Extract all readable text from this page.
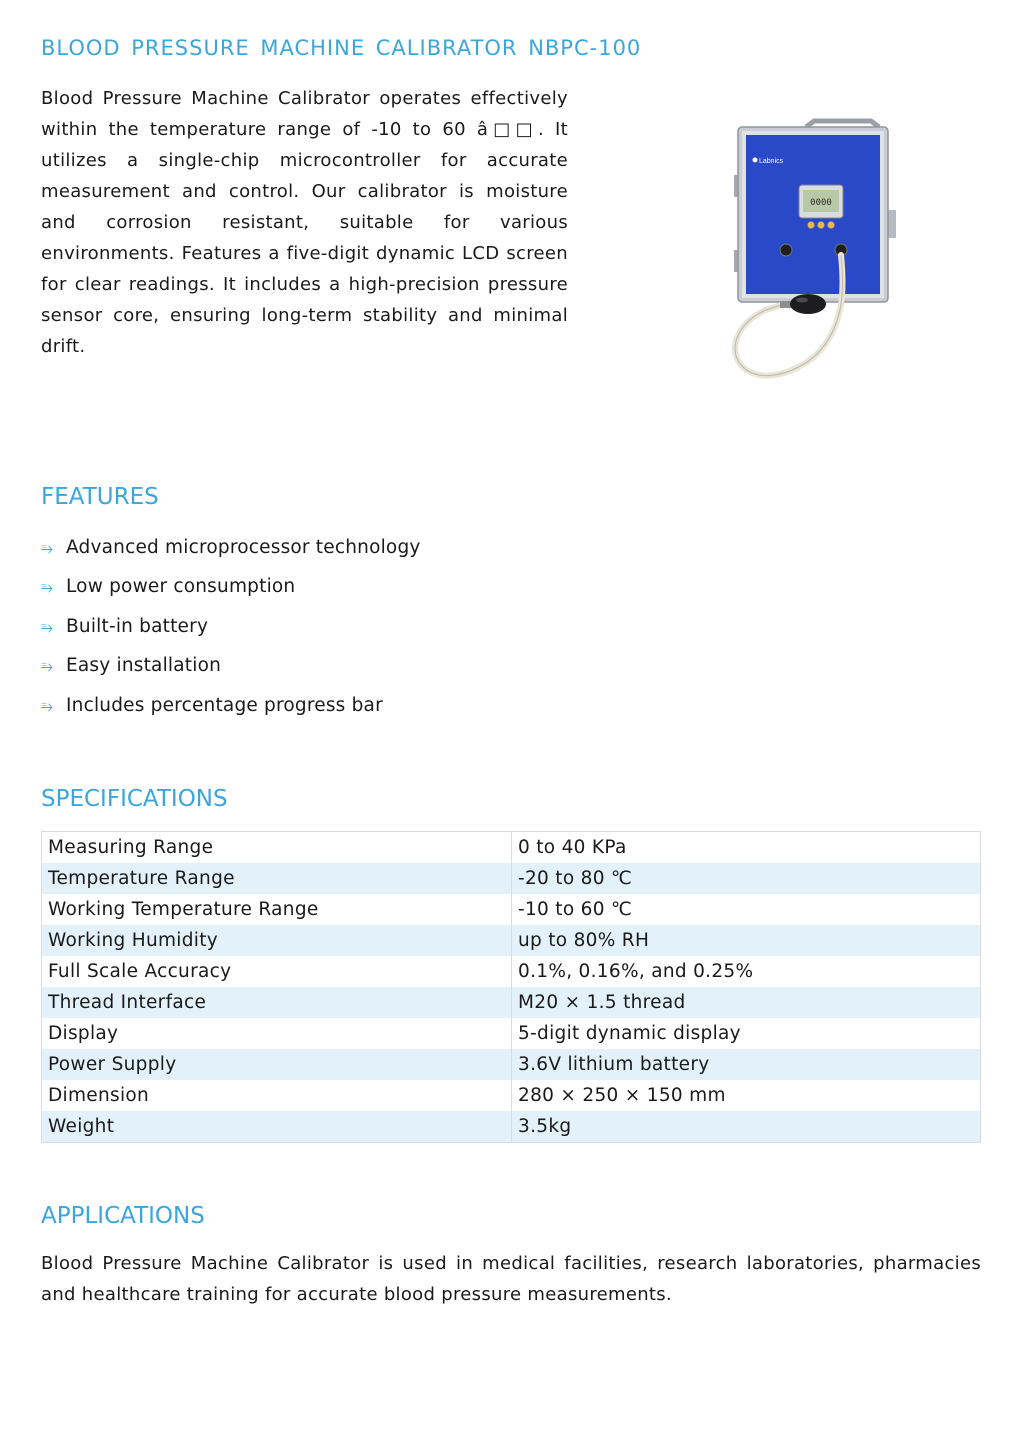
BLOOD PRESSURE MACHINE CALIBRATOR NBPC-100

Blood Pressure Machine Calibrator operates effectively within the temperature range of -10 to 60 â□□. It utilizes a single-chip microcontroller for accurate measurement and control. Our calibrator is moisture and corrosion resistant, suitable for various environments. Features a five-digit dynamic LCD screen for clear readings. It includes a high-precision pressure sensor core, ensuring long-term stability and minimal drift.

Labnics
0000
FEATURES
⥱ Advanced microprocessor technology
⥱ Low power consumption
⥱ Built-in battery
⥱ Easy installation
⥱ Includes percentage progress bar
SPECIFICATIONS
Measuring Range	0 to 40 KPa
Temperature Range	-20 to 80 ℃
Working Temperature Range	-10 to 60 ℃
Working Humidity	up to 80% RH
Full Scale Accuracy	0.1%, 0.16%, and 0.25%
Thread Interface	M20 × 1.5 thread
Display	5-digit dynamic display
Power Supply	3.6V lithium battery
Dimension	280 × 250 × 150 mm
Weight	3.5kg
APPLICATIONS

Blood Pressure Machine Calibrator is used in medical facilities, research laboratories, pharmacies and healthcare training for accurate blood pressure measurements.
